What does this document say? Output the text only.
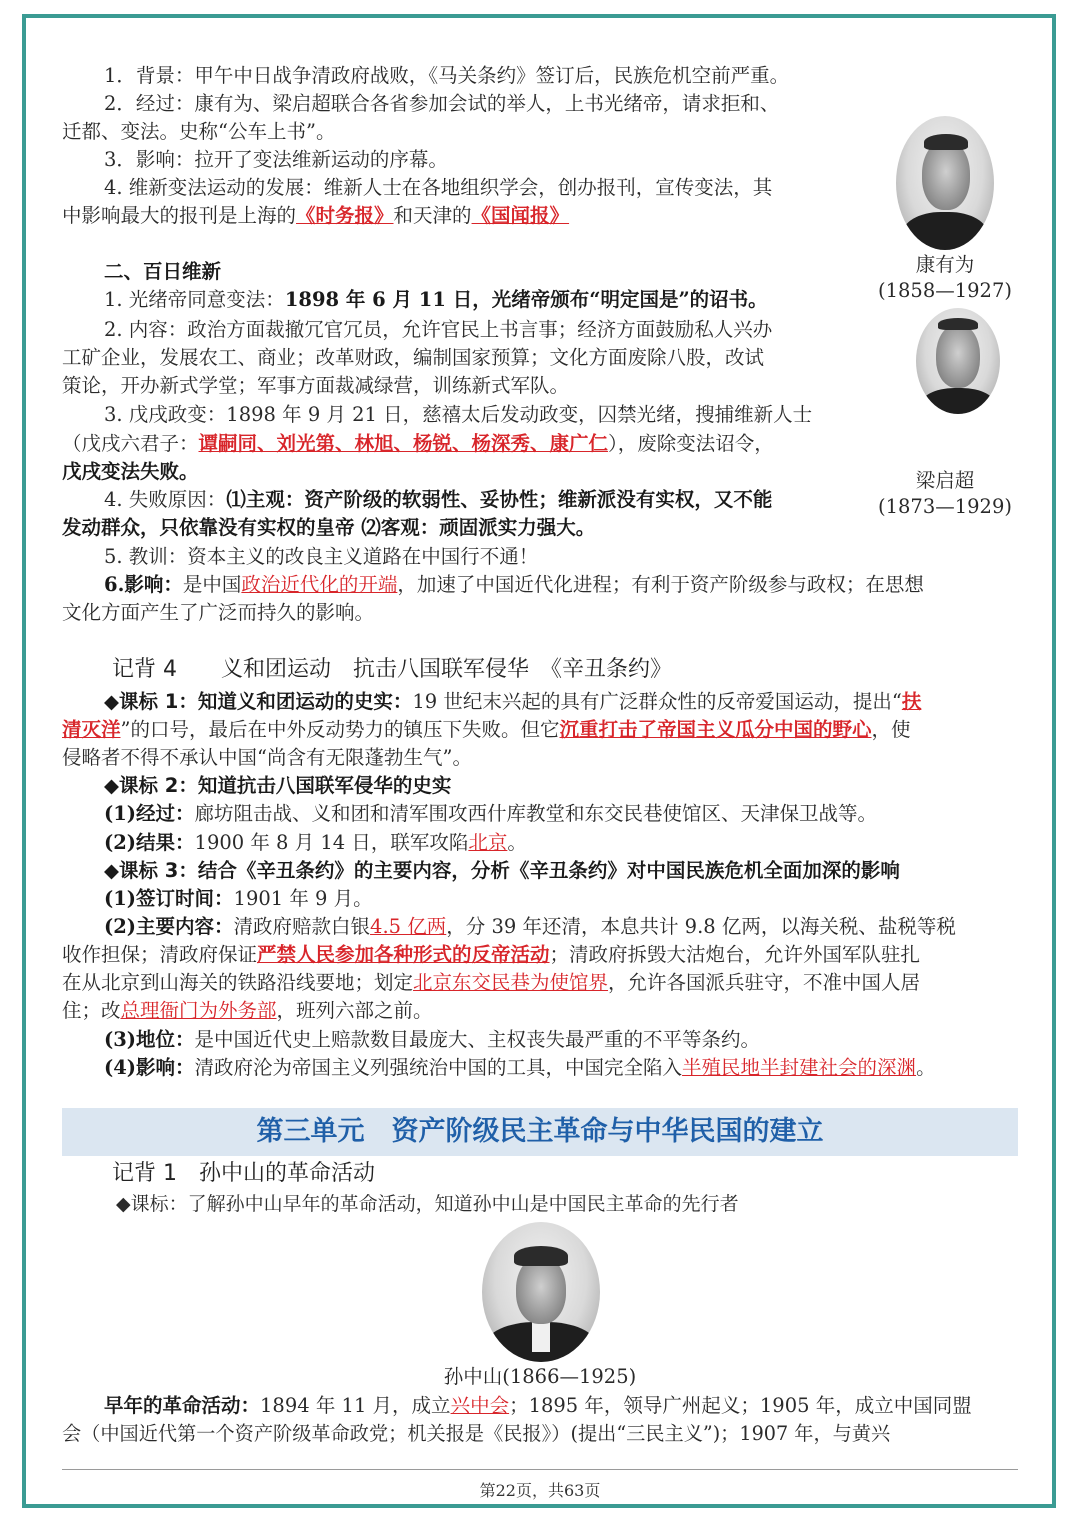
1．背景：甲午中日战争清政府战败，《马关条约》签订后，民族危机空前严重。
2．经过：康有为、梁启超联合各省参加会试的举人，上书光绪帝，请求拒和、
迁都、变法。史称“公车上书”。
3．影响：拉开了变法维新运动的序幕。
4. 维新变法运动的发展：维新人士在各地组织学会，创办报刊，宣传变法，其
中影响最大的报刊是上海的《时务报》和天津的《国闻报》
二、百日维新
1. 光绪帝同意变法：1898 年 6 月 11 日，光绪帝颁布“明定国是”的诏书。
2. 内容：政治方面裁撤冗官冗员，允许官民上书言事；经济方面鼓励私人兴办
工矿企业，发展农工、商业；改革财政，编制国家预算；文化方面废除八股，改试
策论，开办新式学堂；军事方面裁减绿营，训练新式军队。
3. 戊戌政变：1898 年 9 月 21 日，慈禧太后发动政变，囚禁光绪，搜捕维新人士
（戊戌六君子：谭嗣同、刘光第、林旭、杨锐、杨深秀、康广仁），废除变法诏令，
戊戌变法失败。
4. 失败原因：⑴主观：资产阶级的软弱性、妥协性；维新派没有实权，又不能
发动群众，只依靠没有实权的皇帝 ⑵客观：顽固派实力强大。
5. 教训：资本主义的改良主义道路在中国行不通！
6.影响：是中国政治近代化的开端，加速了中国近代化进程；有利于资产阶级参与政权；在思想
文化方面产生了广泛而持久的影响。
康有为
(1858—1927)
梁启超
(1873—1929)
记背 4　　义和团运动　抗击八国联军侵华　《辛丑条约》
◆课标 1：知道义和团运动的史实：19 世纪末兴起的具有广泛群众性的反帝爱国运动，提出“扶
清灭洋”的口号，最后在中外反动势力的镇压下失败。但它沉重打击了帝国主义瓜分中国的野心，使
侵略者不得不承认中国“尚含有无限蓬勃生气”。
◆课标 2：知道抗击八国联军侵华的史实
(1)经过：廊坊阻击战、义和团和清军围攻西什库教堂和东交民巷使馆区、天津保卫战等。
(2)结果：1900 年 8 月 14 日，联军攻陷北京。
◆课标 3：结合《辛丑条约》的主要内容，分析《辛丑条约》对中国民族危机全面加深的影响
(1)签订时间：1901 年 9 月。
(2)主要内容：清政府赔款白银4.5 亿两，分 39 年还清，本息共计 9.8 亿两，以海关税、盐税等税
收作担保；清政府保证严禁人民参加各种形式的反帝活动；清政府拆毁大沽炮台，允许外国军队驻扎
在从北京到山海关的铁路沿线要地；划定北京东交民巷为使馆界，允许各国派兵驻守，不准中国人居
住；改总理衙门为外务部，班列六部之前。
(3)地位：是中国近代史上赔款数目最庞大、主权丧失最严重的不平等条约。
(4)影响：清政府沦为帝国主义列强统治中国的工具，中国完全陷入半殖民地半封建社会的深渊。
第三单元　资产阶级民主革命与中华民国的建立
记背 1　孙中山的革命活动
◆课标：了解孙中山早年的革命活动，知道孙中山是中国民主革命的先行者
孙中山(1866—1925)
早年的革命活动：1894 年 11 月，成立兴中会；1895 年，领导广州起义；1905 年，成立中国同盟
会（中国近代第一个资产阶级革命政党；机关报是《民报》）(提出“三民主义”)；1907 年，与黄兴
第22页，共63页
